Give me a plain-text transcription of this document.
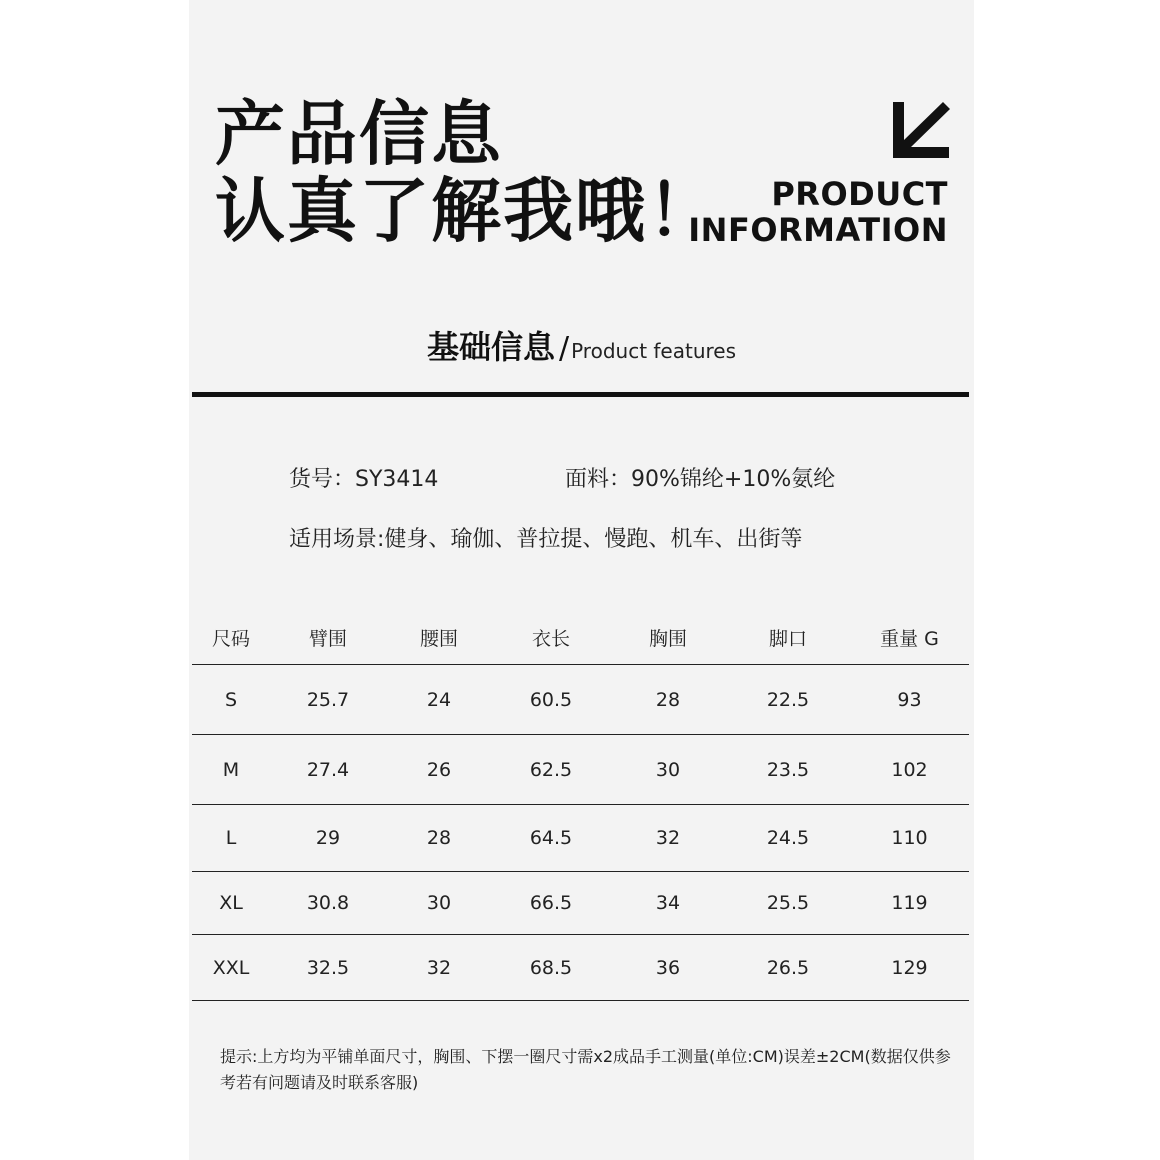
产品信息
认真了解我哦！	PRODUCT
INFORMATION
基础信息 / Product features
货号：SY3414	面料：90%锦纶+10%氨纶
适用场景:健身、瑜伽、普拉提、慢跑、机车、出街等
尺码	臂围	腰围	衣长	胸围	脚口	重量 G
S	25.7	24	60.5	28	22.5	93
M	27.4	26	62.5	30	23.5	102
L	29	28	64.5	32	24.5	110
XL	30.8	30	66.5	34	25.5	119
XXL	32.5	32	68.5	36	26.5	129
提示:上方均为平铺单面尺寸，胸围、下摆一圈尺寸需x2成品手工测量(单位:CM)误差±2CM(数据仅供参考若有问题请及时联系客服)
